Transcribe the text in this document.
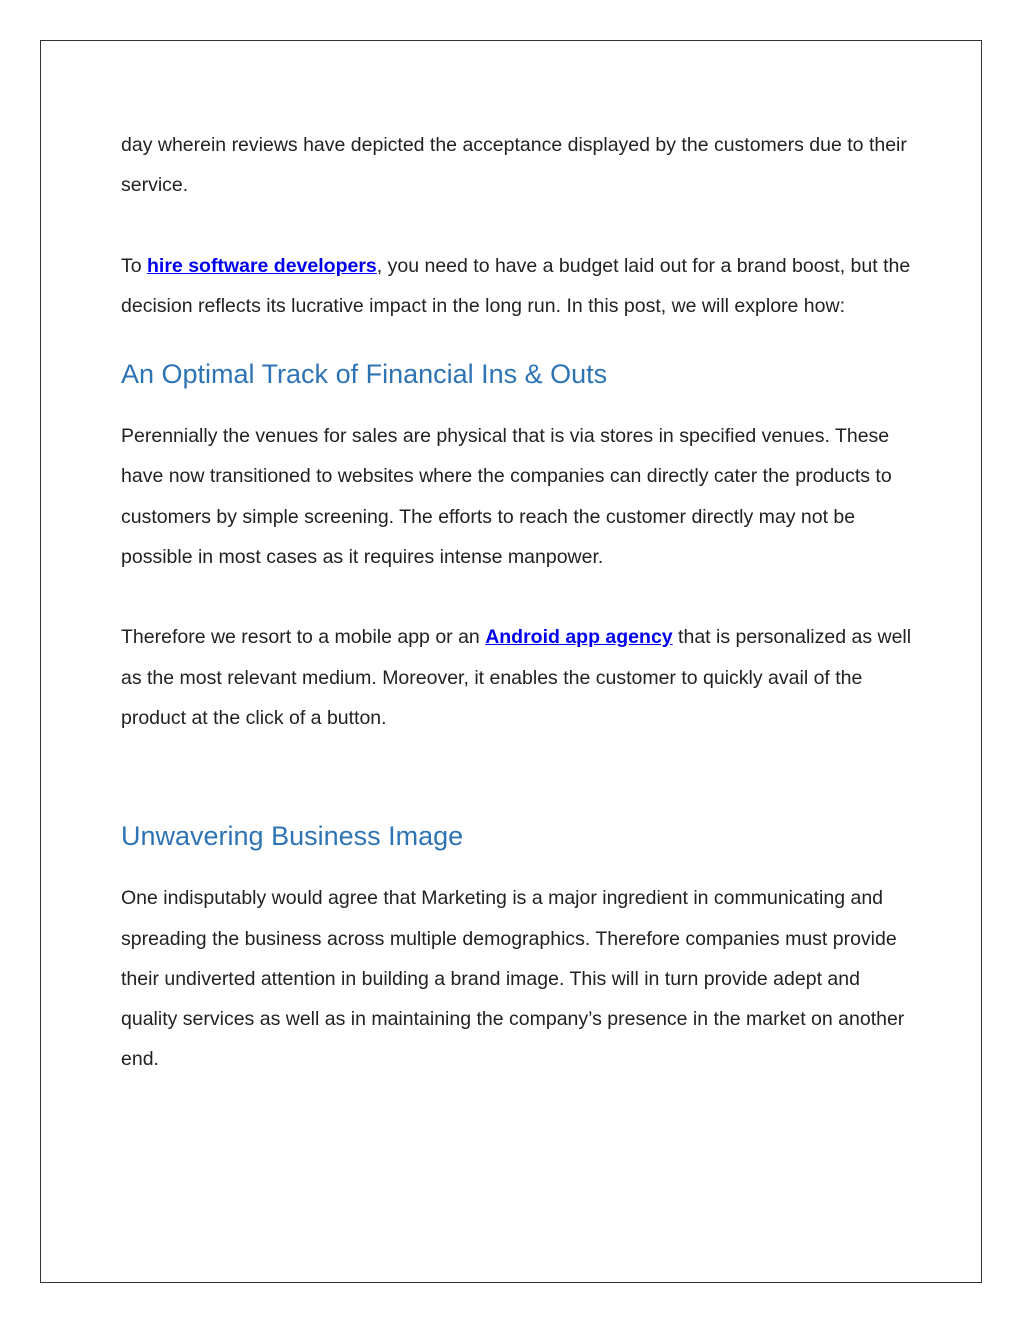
day wherein reviews have depicted the acceptance displayed by the customers due to their service.

To hire software developers, you need to have a budget laid out for a brand boost, but the decision reflects its lucrative impact in the long run. In this post, we will explore how:

An Optimal Track of Financial Ins & Outs

Perennially the venues for sales are physical that is via stores in specified venues. These have now transitioned to websites where the companies can directly cater the products to customers by simple screening. The efforts to reach the customer directly may not be possible in most cases as it requires intense manpower.

Therefore we resort to a mobile app or an Android app agency that is personalized as well as the most relevant medium. Moreover, it enables the customer to quickly avail of the product at the click of a button.

Unwavering Business Image

One indisputably would agree that Marketing is a major ingredient in communicating and spreading the business across multiple demographics. Therefore companies must provide their undiverted attention in building a brand image. This will in turn provide adept and quality services as well as in maintaining the company’s presence in the market on another end.
